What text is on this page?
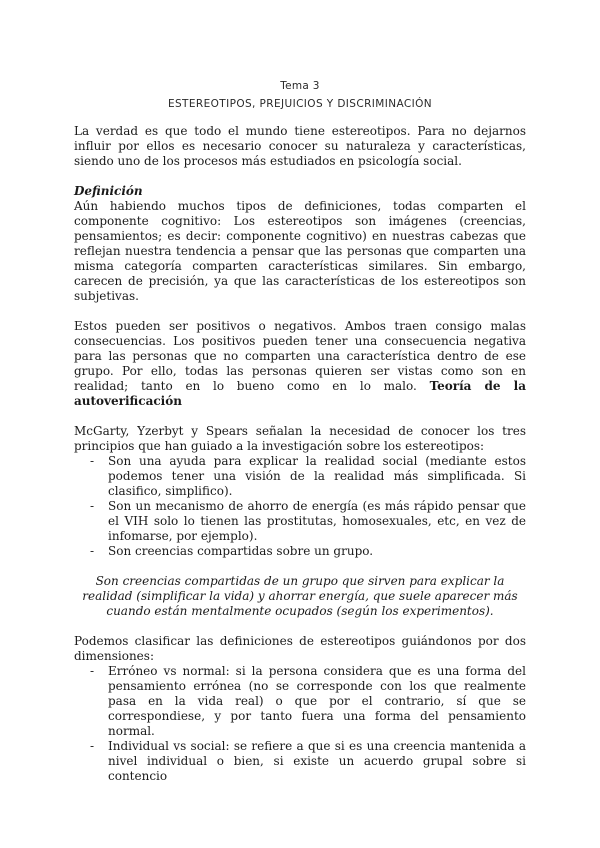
Tema 3
ESTEREOTIPOS, PREJUICIOS Y DISCRIMINACIÓN

La verdad es que todo el mundo tiene estereotipos. Para no dejarnos influir por ellos es necesario conocer su naturaleza y características, siendo uno de los procesos más estudiados en psicología social.

Definición

Aún habiendo muchos tipos de definiciones, todas comparten el componente cognitivo: Los estereotipos son imágenes (creencias, pensamientos; es decir: componente cognitivo) en nuestras cabezas que reflejan nuestra tendencia a pensar que las personas que comparten una misma categoría comparten características similares. Sin embargo, carecen de precisión, ya que las características de los estereotipos son subjetivas.

Estos pueden ser positivos o negativos. Ambos traen consigo malas consecuencias. Los positivos pueden tener una consecuencia negativa para las personas que no comparten una característica dentro de ese grupo. Por ello, todas las personas quieren ser vistas como son en realidad; tanto en lo bueno como en lo malo. Teoría de la autoverificación

McGarty, Yzerbyt y Spears señalan la necesidad de conocer los tres principios que han guiado a la investigación sobre los estereotipos:

- Son una ayuda para explicar la realidad social (mediante estos podemos tener una visión de la realidad más simplificada. Si clasifico, simplifico).
- Son un mecanismo de ahorro de energía (es más rápido pensar que el VIH solo lo tienen las prostitutas, homosexuales, etc, en vez de infomarse, por ejemplo).
- Son creencias compartidas sobre un grupo.

Son creencias compartidas de un grupo que sirven para explicar la realidad (simplificar la vida) y ahorrar energía, que suele aparecer más cuando están mentalmente ocupados (según los experimentos).

Podemos clasificar las definiciones de estereotipos guiándonos por dos dimensiones:

- Erróneo vs normal: si la persona considera que es una forma del pensamiento errónea (no se corresponde con los que realmente pasa en la vida real) o que por el contrario, sí que se correspondiese, y por tanto fuera una forma del pensamiento normal.
- Individual vs social: se refiere a que si es una creencia mantenida a nivel individual o bien, si existe un acuerdo grupal sobre si contencio
